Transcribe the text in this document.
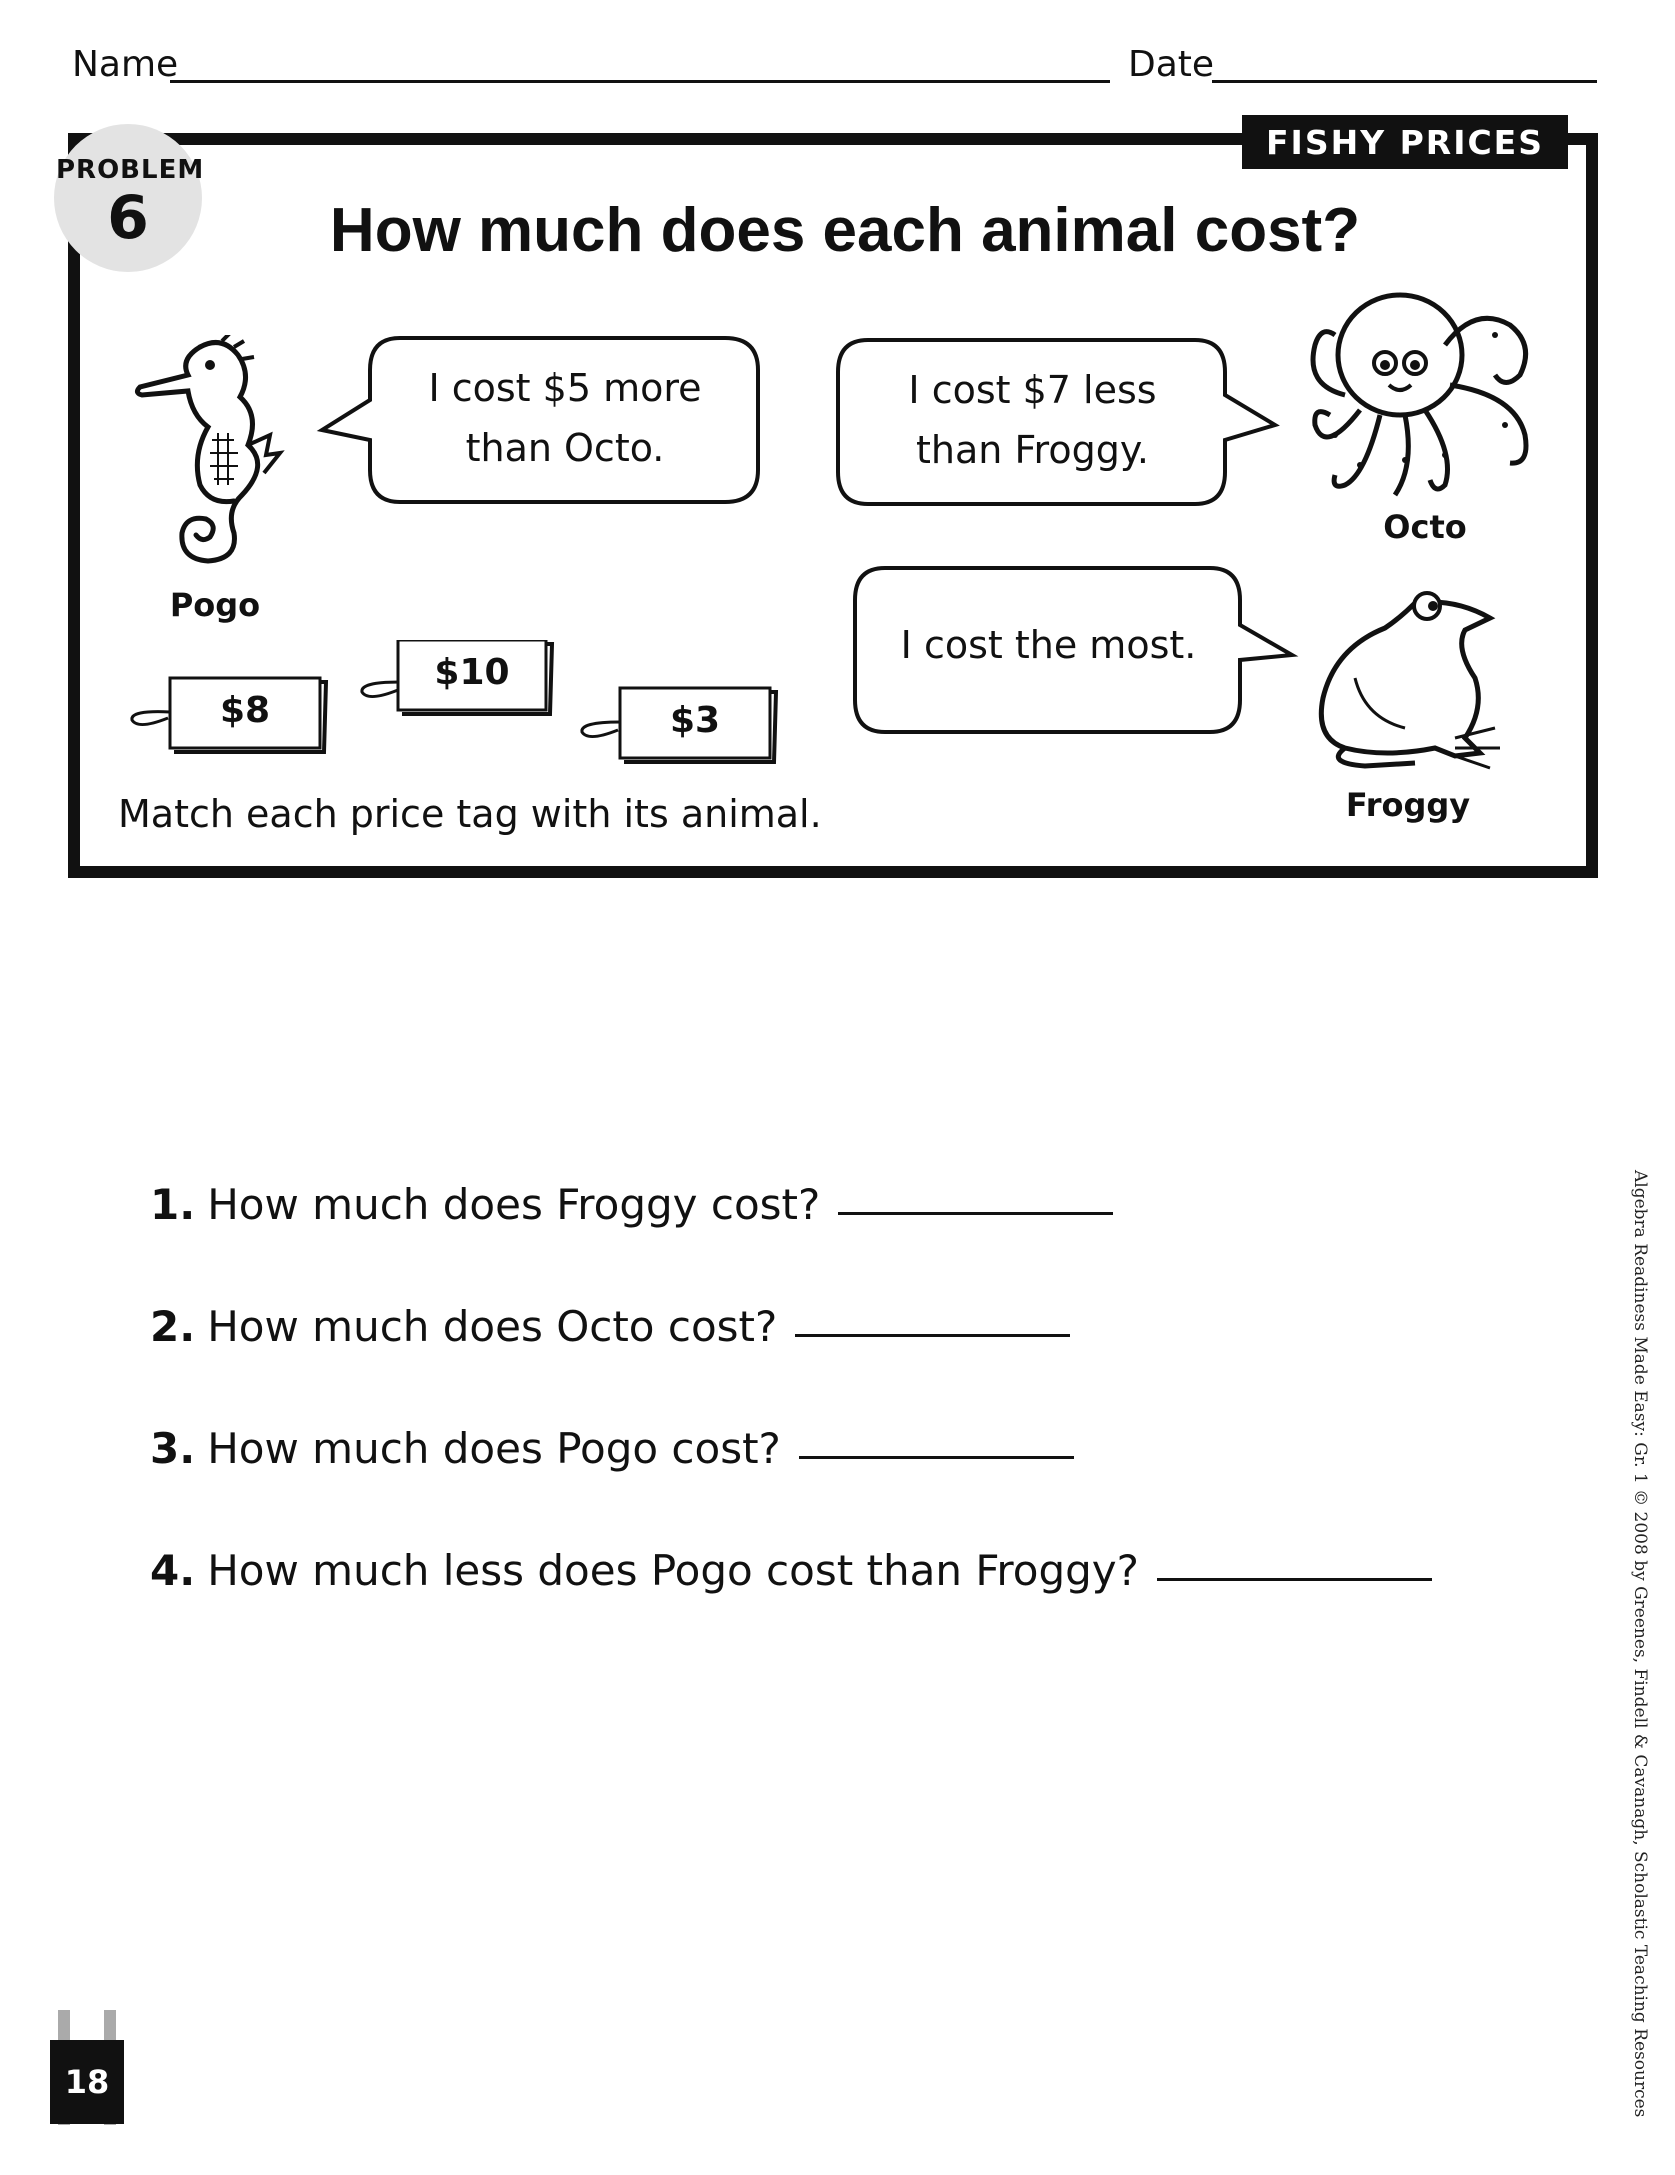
Name	Date
PROBLEM
6
FISHY PRICES
How much does each animal cost?
I cost $5 more
than Octo.
I cost $7 less
than Froggy.
I cost the most.
Pogo
Octo
Froggy
$8
$10
$3
Match each price tag with its animal.
1. How much does Froggy cost?
2. How much does Octo cost?
3. How much does Pogo cost?
4. How much less does Pogo cost than Froggy?	Algebra Readiness Made Easy: Gr. 1 © 2008 by Greenes, Findell & Cavanagh, Scholastic Teaching Resources
18
